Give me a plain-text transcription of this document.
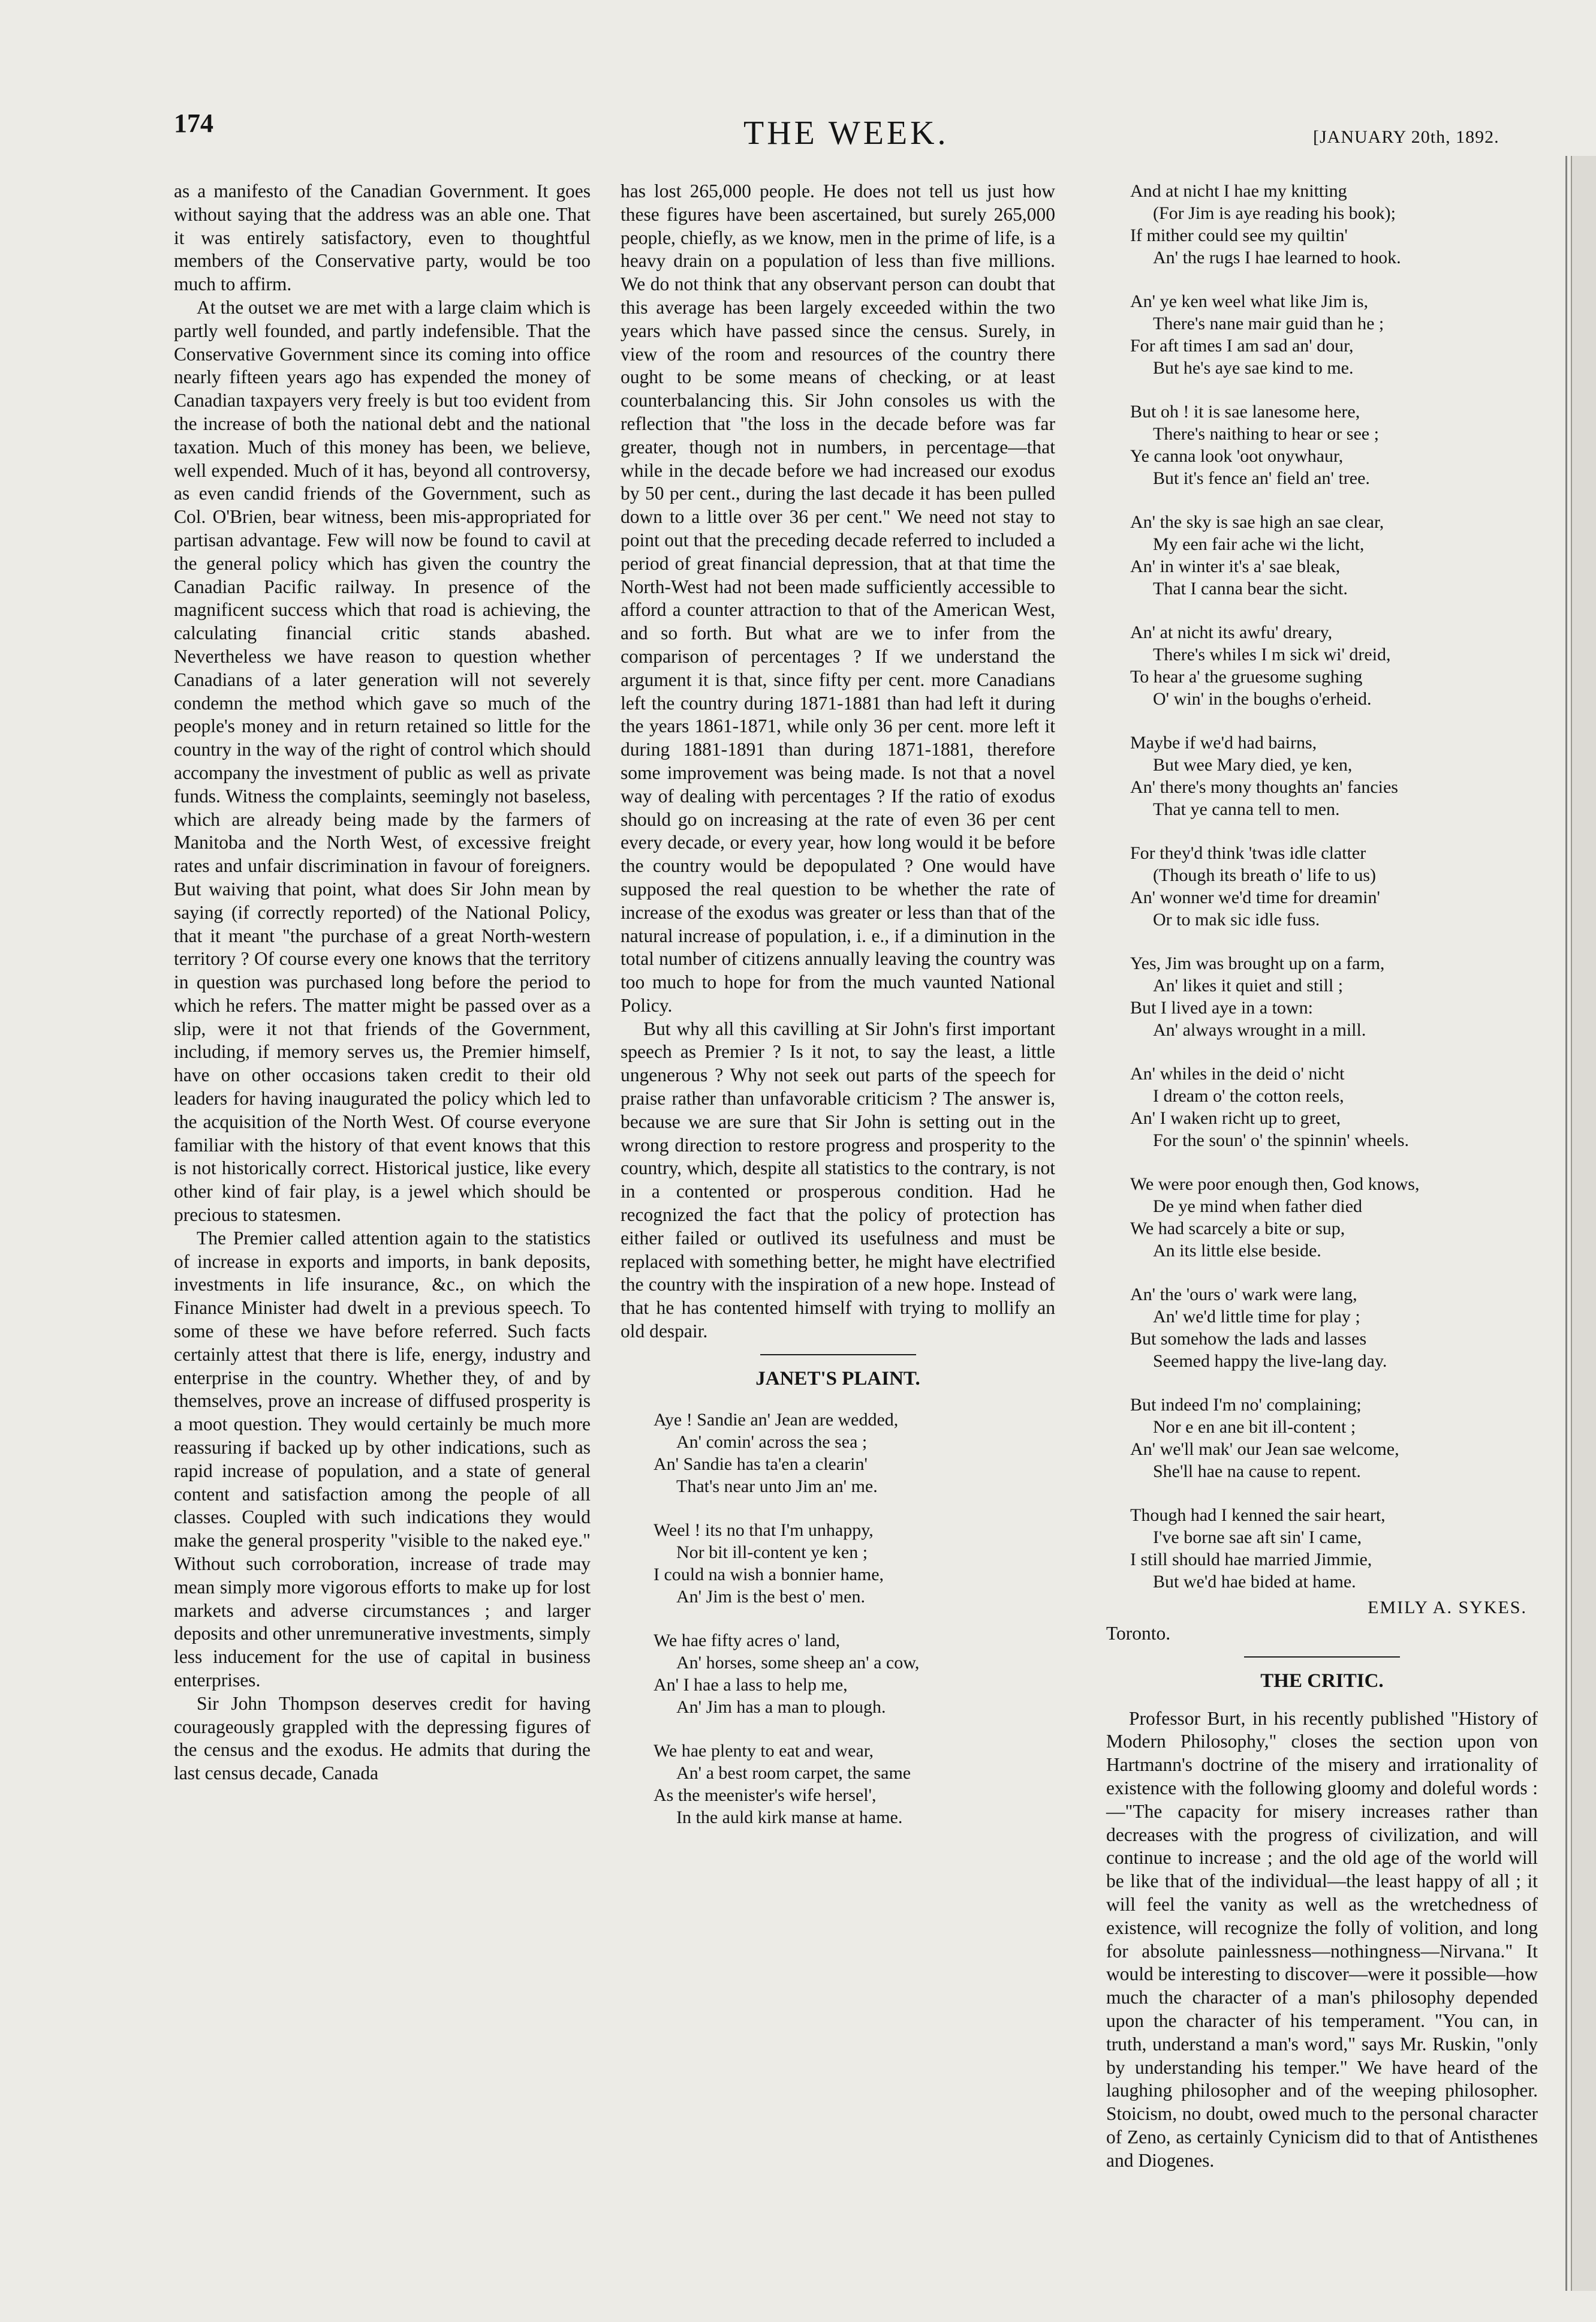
174	THE WEEK.	[JANUARY 20th, 1892.

as a manifesto of the Canadian Government. It goes without saying that the address was an able one. That it was entirely satisfactory, even to thoughtful members of the Conservative party, would be too much to affirm.

At the outset we are met with a large claim which is partly well founded, and partly indefensible. That the Conservative Government since its coming into office nearly fifteen years ago has expended the money of Canadian taxpayers very freely is but too evident from the increase of both the national debt and the national taxation. Much of this money has been, we believe, well expended. Much of it has, beyond all controversy, as even candid friends of the Government, such as Col. O'Brien, bear witness, been mis-appropriated for partisan advantage. Few will now be found to cavil at the general policy which has given the country the Canadian Pacific railway. In presence of the magnificent success which that road is achieving, the calculating financial critic stands abashed. Nevertheless we have reason to question whether Canadians of a later generation will not severely condemn the method which gave so much of the people's money and in return retained so little for the country in the way of the right of control which should accompany the investment of public as well as private funds. Witness the complaints, seemingly not baseless, which are already being made by the farmers of Manitoba and the North West, of excessive freight rates and unfair discrimination in favour of foreigners. But waiving that point, what does Sir John mean by saying (if correctly reported) of the National Policy, that it meant "the purchase of a great North-western territory ? Of course every one knows that the territory in question was purchased long before the period to which he refers. The matter might be passed over as a slip, were it not that friends of the Government, including, if memory serves us, the Premier himself, have on other occasions taken credit to their old leaders for having inaugurated the policy which led to the acquisition of the North West. Of course everyone familiar with the history of that event knows that this is not historically correct. Historical justice, like every other kind of fair play, is a jewel which should be precious to statesmen.

The Premier called attention again to the statistics of increase in exports and imports, in bank deposits, investments in life insurance, &c., on which the Finance Minister had dwelt in a previous speech. To some of these we have before referred. Such facts certainly attest that there is life, energy, industry and enterprise in the country. Whether they, of and by themselves, prove an increase of diffused prosperity is a moot question. They would certainly be much more reassuring if backed up by other indications, such as rapid increase of population, and a state of general content and satisfaction among the people of all classes. Coupled with such indications they would make the general prosperity "visible to the naked eye." Without such corroboration, increase of trade may mean simply more vigorous efforts to make up for lost markets and adverse circumstances ; and larger deposits and other unremunerative investments, simply less inducement for the use of capital in business enterprises.

Sir John Thompson deserves credit for having courageously grappled with the depressing figures of the census and the exodus. He admits that during the last census decade, Canada

has lost 265,000 people. He does not tell us just how these figures have been ascertained, but surely 265,000 people, chiefly, as we know, men in the prime of life, is a heavy drain on a population of less than five millions. We do not think that any observant person can doubt that this average has been largely exceeded within the two years which have passed since the census. Surely, in view of the room and resources of the country there ought to be some means of checking, or at least counterbalancing this. Sir John consoles us with the reflection that "the loss in the decade before was far greater, though not in numbers, in percentage—that while in the decade before we had increased our exodus by 50 per cent., during the last decade it has been pulled down to a little over 36 per cent." We need not stay to point out that the preceding decade referred to included a period of great financial depression, that at that time the North-West had not been made sufficiently accessible to afford a counter attraction to that of the American West, and so forth. But what are we to infer from the comparison of percentages ? If we understand the argument it is that, since fifty per cent. more Canadians left the country during 1871-1881 than had left it during the years 1861-1871, while only 36 per cent. more left it during 1881-1891 than during 1871-1881, therefore some improvement was being made. Is not that a novel way of dealing with percentages ? If the ratio of exodus should go on increasing at the rate of even 36 per cent every decade, or every year, how long would it be before the country would be depopulated ? One would have supposed the real question to be whether the rate of increase of the exodus was greater or less than that of the natural increase of population, i. e., if a diminution in the total number of citizens annually leaving the country was too much to hope for from the much vaunted National Policy.

But why all this cavilling at Sir John's first important speech as Premier ? Is it not, to say the least, a little ungenerous ? Why not seek out parts of the speech for praise rather than unfavorable criticism ? The answer is, because we are sure that Sir John is setting out in the wrong direction to restore progress and prosperity to the country, which, despite all statistics to the contrary, is not in a contented or prosperous condition. Had he recognized the fact that the policy of protection has either failed or outlived its usefulness and must be replaced with something better, he might have electrified the country with the inspiration of a new hope. Instead of that he has contented himself with trying to mollify an old despair.

JANET'S PLAINT.
Aye ! Sandie an' Jean are wedded,
An' comin' across the sea ;
An' Sandie has ta'en a clearin'
That's near unto Jim an' me.
Weel ! its no that I'm unhappy,
Nor bit ill-content ye ken ;
I could na wish a bonnier hame,
An' Jim is the best o' men.
We hae fifty acres o' land,
An' horses, some sheep an' a cow,
An' I hae a lass to help me,
An' Jim has a man to plough.
We hae plenty to eat and wear,
An' a best room carpet, the same
As the meenister's wife hersel',
In the auld kirk manse at hame.
And at nicht I hae my knitting
(For Jim is aye reading his book);
If mither could see my quiltin'
An' the rugs I hae learned to hook.
An' ye ken weel what like Jim is,
There's nane mair guid than he ;
For aft times I am sad an' dour,
But he's aye sae kind to me.
But oh ! it is sae lanesome here,
There's naithing to hear or see ;
Ye canna look 'oot onywhaur,
But it's fence an' field an' tree.
An' the sky is sae high an sae clear,
My een fair ache wi the licht,
An' in winter it's a' sae bleak,
That I canna bear the sicht.
An' at nicht its awfu' dreary,
There's whiles I m sick wi' dreid,
To hear a' the gruesome sughing
O' win' in the boughs o'erheid.
Maybe if we'd had bairns,
But wee Mary died, ye ken,
An' there's mony thoughts an' fancies
That ye canna tell to men.
For they'd think 'twas idle clatter
(Though its breath o' life to us)
An' wonner we'd time for dreamin'
Or to mak sic idle fuss.
Yes, Jim was brought up on a farm,
An' likes it quiet and still ;
But I lived aye in a town:
An' always wrought in a mill.
An' whiles in the deid o' nicht
I dream o' the cotton reels,
An' I waken richt up to greet,
For the soun' o' the spinnin' wheels.
We were poor enough then, God knows,
De ye mind when father died
We had scarcely a bite or sup,
An its little else beside.
An' the 'ours o' wark were lang,
An' we'd little time for play ;
But somehow the lads and lasses
Seemed happy the live-lang day.
But indeed I'm no' complaining;
Nor e en ane bit ill-content ;
An' we'll mak' our Jean sae welcome,
She'll hae na cause to repent.
Though had I kenned the sair heart,
I've borne sae aft sin' I came,
I still should hae married Jimmie,
But we'd hae bided at hame.
EMILY A. SYKES.
Toronto.
THE CRITIC.

Professor Burt, in his recently published "History of Modern Philosophy," closes the section upon von Hartmann's doctrine of the misery and irrationality of existence with the following gloomy and doleful words :—"The capacity for misery increases rather than decreases with the progress of civilization, and will continue to increase ; and the old age of the world will be like that of the individual—the least happy of all ; it will feel the vanity as well as the wretchedness of existence, will recognize the folly of volition, and long for absolute painlessness—nothingness—Nirvana." It would be interesting to discover—were it possible—how much the character of a man's philosophy depended upon the character of his temperament. "You can, in truth, understand a man's word," says Mr. Ruskin, "only by understanding his temper." We have heard of the laughing philosopher and of the weeping philosopher. Stoicism, no doubt, owed much to the personal character of Zeno, as certainly Cynicism did to that of Antisthenes and Diogenes.
